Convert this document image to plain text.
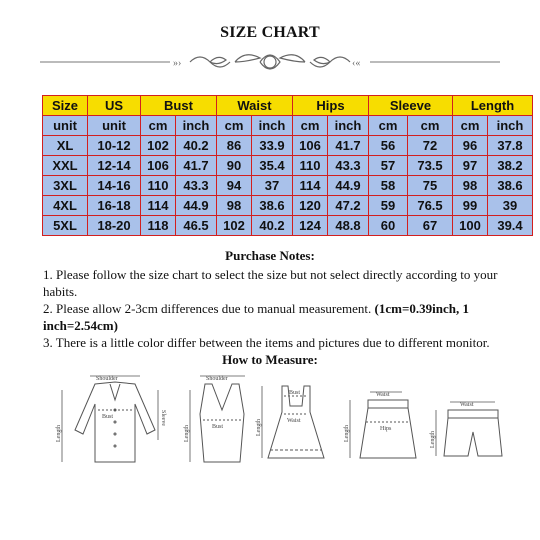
SIZE CHART
»›	‹«
Size	US	Bust		Waist		Hips		Sleeve		Length	
unit	unit	cm	inch	cm	inch	cm	inch	cm	cm	cm	inch
XL	10-12	102	40.2	86	33.9	106	41.7	56	72	96	37.8
XXL	12-14	106	41.7	90	35.4	110	43.3	57	73.5	97	38.2
3XL	14-16	110	43.3	94	37	114	44.9	58	75	98	38.6
4XL	16-18	114	44.9	98	38.6	120	47.2	59	76.5	99	39
5XL	18-20	118	46.5	102	40.2	124	48.8	60	67	100	39.4
Purchase Notes:

1. Please follow the size chart to select the size but not select directly according to your habits.

2. Please allow 2-3cm differences due to manual measurement. (1cm=0.39inch, 1 inch=2.54cm)

3. There is a little color differ between the items and pictures due to different monitor.

How to Measure:
Shoulder
Bust
Length
Sleeve
Shoulder
Bust
Length
Bust
Waist
Length
Waist
Hips
Length
Waist
Length
